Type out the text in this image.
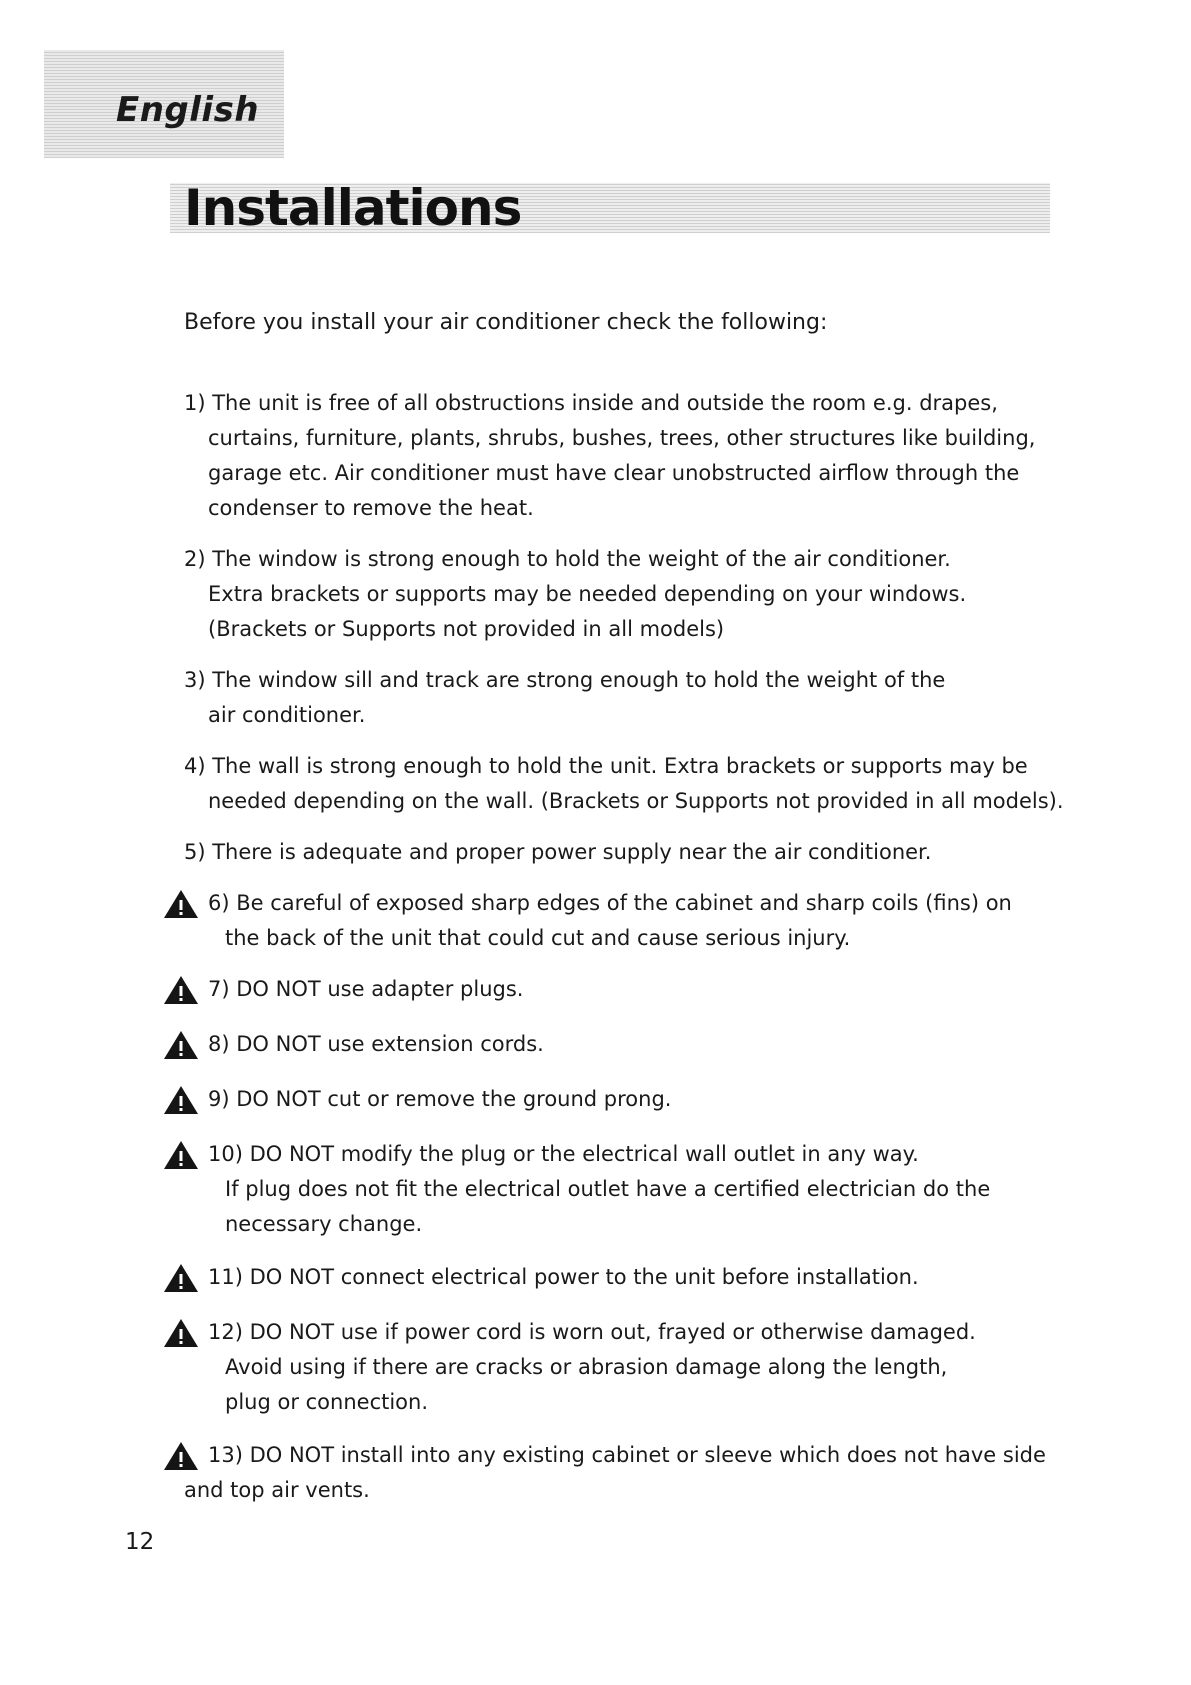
English
Installations

Before you install your air conditioner check the following:

1) The unit is free of all obstructions inside and outside the room e.g. drapes,
curtains, furniture, plants, shrubs, bushes, trees, other structures like building,
garage etc. Air conditioner must have clear unobstructed airflow through the
condenser to remove the heat.
2) The window is strong enough to hold the weight of the air conditioner.
Extra brackets or supports may be needed depending on your windows.
(Brackets or Supports not provided in all models)
3) The window sill and track are strong enough to hold the weight of the
air conditioner.
4) The wall is strong enough to hold the unit. Extra brackets or supports may be
needed depending on the wall. (Brackets or Supports not provided in all models).
5) There is adequate and proper power supply near the air conditioner.
6) Be careful of exposed sharp edges of the cabinet and sharp coils (fins) on
the back of the unit that could cut and cause serious injury.
7) DO NOT use adapter plugs.
8) DO NOT use extension cords.
9) DO NOT cut or remove the ground prong.
10) DO NOT modify the plug or the electrical wall outlet in any way.
If plug does not fit the electrical outlet have a certified electrician do the
necessary change.
11) DO NOT connect electrical power to the unit before installation.
12) DO NOT use if power cord is worn out, frayed or otherwise damaged.
Avoid using if there are cracks or abrasion damage along the length,
plug or connection.
13) DO NOT install into any existing cabinet or sleeve which does not have side
and top air vents.
12
